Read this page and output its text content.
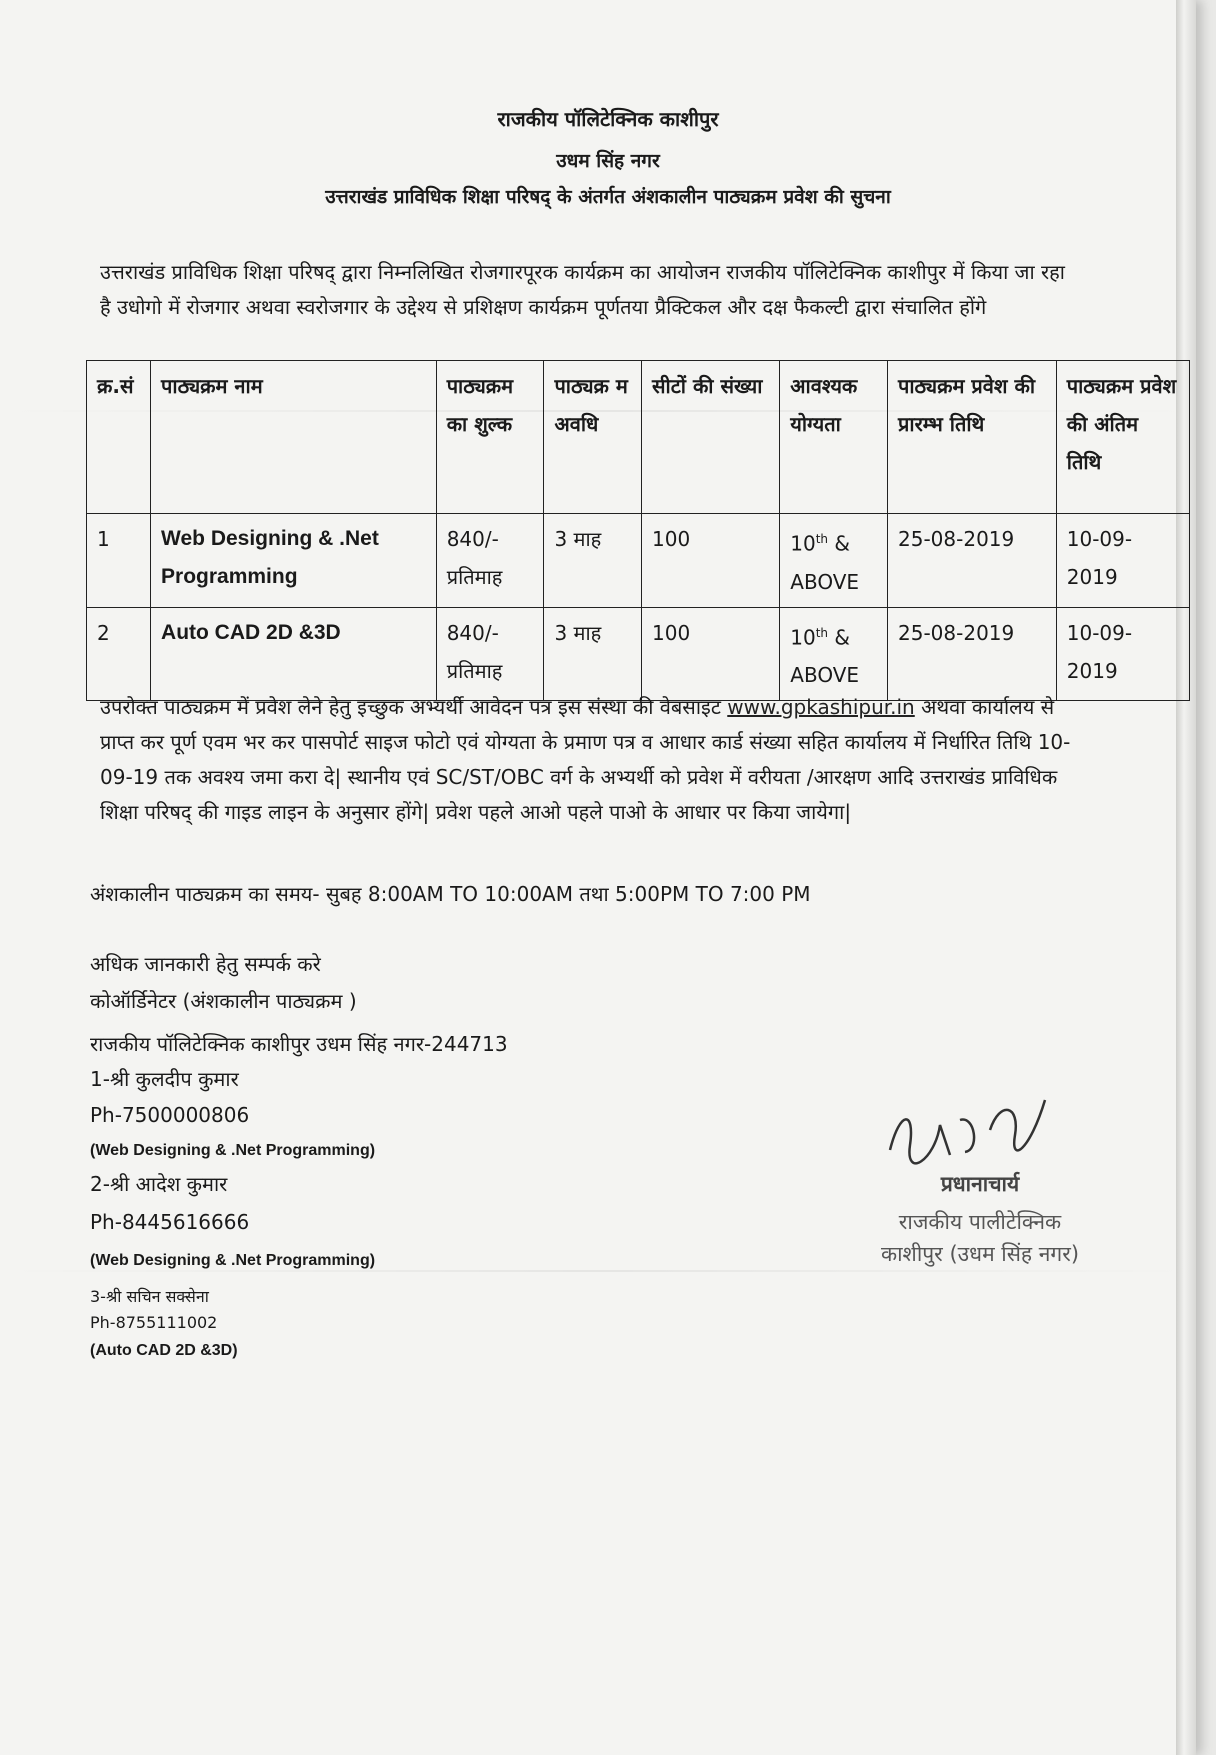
राजकीय पॉलिटेक्निक काशीपुर
उधम सिंह नगर
उत्तराखंड प्राविधिक शिक्षा परिषद् के अंतर्गत अंशकालीन पाठ्यक्रम प्रवेश की सुचना
उत्तराखंड प्राविधिक शिक्षा परिषद् द्वारा निम्नलिखित रोजगारपूरक कार्यक्रम का आयोजन राजकीय पॉलिटेक्निक काशीपुर में किया जा रहा है उधोगो में रोजगार अथवा स्वरोजगार के उद्देश्य से प्रशिक्षण कार्यक्रम पूर्णतया प्रैक्टिकल और दक्ष फैकल्टी द्वारा संचालित होंगे
क्र.सं	पाठ्यक्रम नाम	पाठ्यक्रम का शुल्क	पाठ्यक्र म अवधि	सीटों की संख्या	आवश्यक योग्यता	पाठ्यक्रम प्रवेश की प्रारम्भ तिथि	पाठ्यक्रम प्रवेश की अंतिम तिथि
1	Web Designing & .Net Programming	840/- प्रतिमाह	3 माह	100	10th & ABOVE	25-08-2019	10-09-2019
2	Auto CAD 2D &3D	840/- प्रतिमाह	3 माह	100	10th & ABOVE	25-08-2019	10-09-2019
उपरोक्त पाठ्यक्रम में प्रवेश लेने हेतु इच्छुक अभ्यर्थी आवेदन पत्र इस संस्था की वेबसाइट www.gpkashipur.in अथवा कार्यालय से प्राप्त कर पूर्ण एवम भर कर पासपोर्ट साइज फोटो एवं योग्यता के प्रमाण पत्र व आधार कार्ड संख्या सहित कार्यालय में निर्धारित तिथि 10-09-19 तक अवश्य जमा करा दे| स्थानीय एवं SC/ST/OBC वर्ग के अभ्यर्थी को प्रवेश में वरीयता /आरक्षण आदि उत्तराखंड प्राविधिक शिक्षा परिषद् की गाइड लाइन के अनुसार होंगे| प्रवेश पहले आओ पहले पाओ के आधार पर किया जायेगा|
अंशकालीन पाठ्यक्रम का समय- सुबह 8:00AM TO 10:00AM तथा 5:00PM TO 7:00 PM
अधिक जानकारी हेतु सम्पर्क करे
कोऑर्डिनेटर (अंशकालीन पाठ्यक्रम )
राजकीय पॉलिटेक्निक काशीपुर उधम सिंह नगर-244713
1-श्री कुलदीप कुमार
Ph-7500000806
(Web Designing & .Net Programming)
2-श्री आदेश कुमार
Ph-8445616666
(Web Designing & .Net Programming)
3-श्री सचिन सक्सेना
Ph-8755111002
(Auto CAD 2D &3D)
प्रधानाचार्य
राजकीय पालीटेक्निक
काशीपुर (उधम सिंह नगर)
